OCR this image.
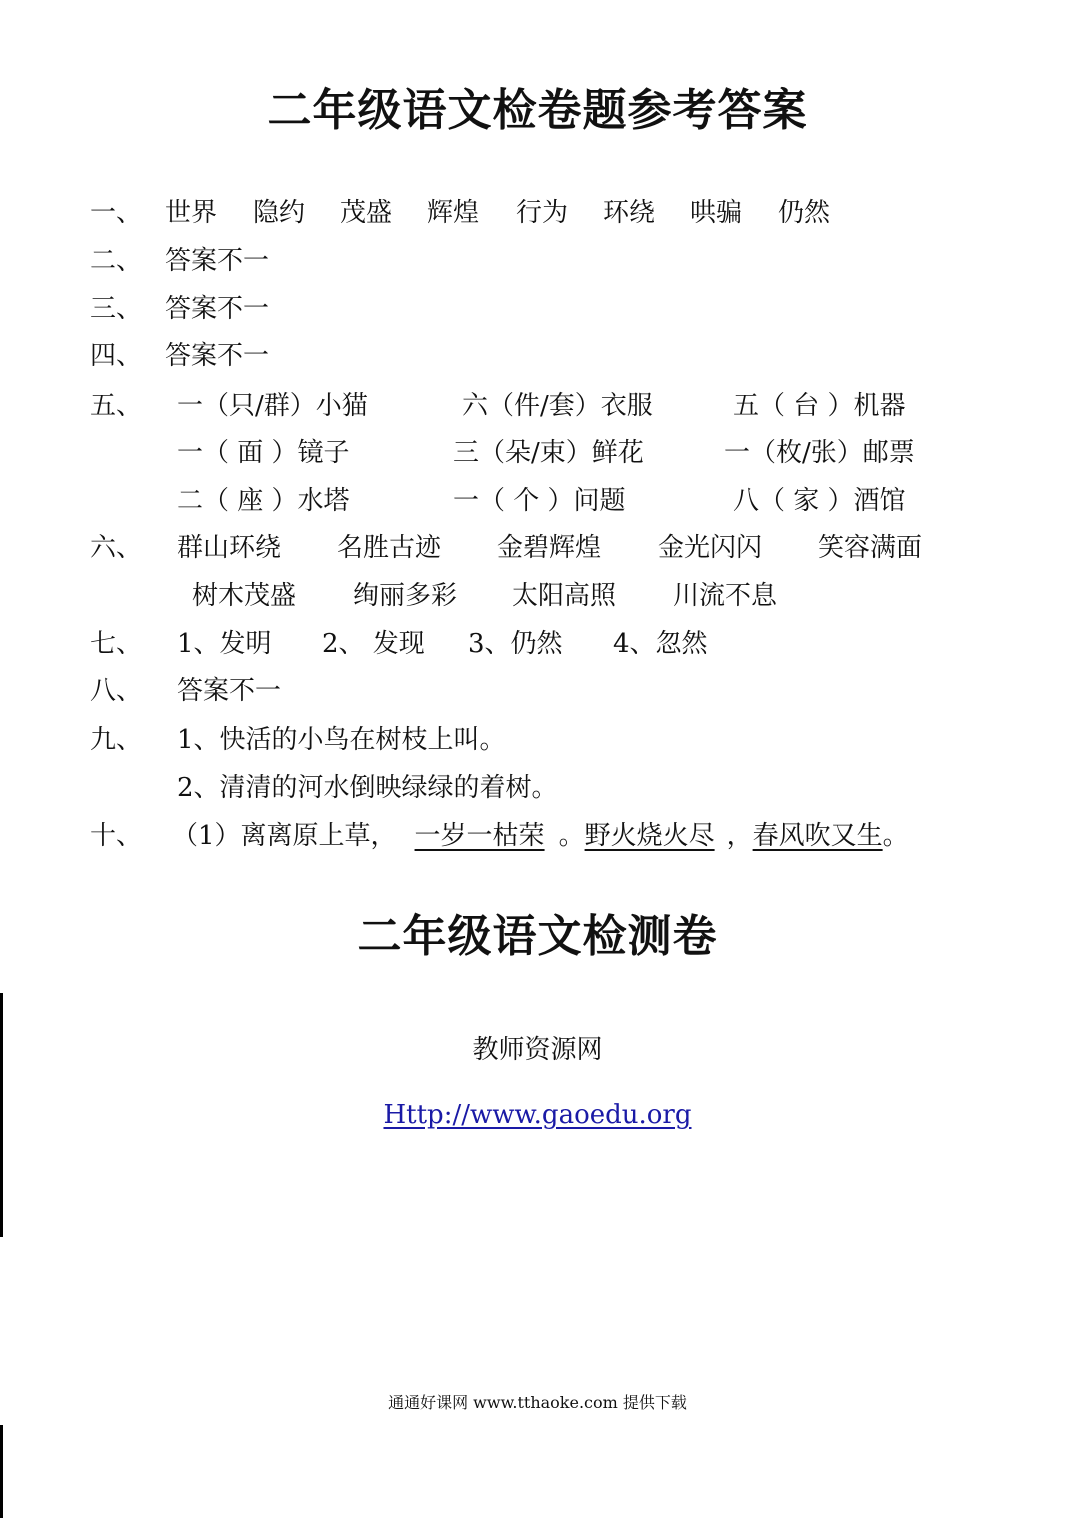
二年级语文检卷题参考答案
一、 世界 隐约 茂盛 辉煌 行为 环绕 哄骗 仍然
二、 答案不一
三、 答案不一
四、 答案不一
五、 一（只/群）小猫	六（件/套）衣服	五（ 台 ）机器
一（ 面 ）镜子	三（朵/束）鲜花	一（枚/张）邮票
二（ 座 ）水塔	一（ 个 ）问题	八（ 家 ）酒馆
六、 群山环绕 名胜古迹 金碧辉煌 金光闪闪 笑容满面
树木茂盛 绚丽多彩 太阳高照 川流不息
七、 1、发明 2、 发现 3、仍然 4、忽然
八、 答案不一
九、 1、快活的小鸟在树枝上叫。
2、清清的河水倒映绿绿的着树。
十、 （1）离离原上草， 一岁一枯荣 。野火烧火尽 ，春风吹又生。
二年级语文检测卷
教师资源网
Http://www.gaoedu.org
通通好课网 www.tthaoke.com 提供下载
